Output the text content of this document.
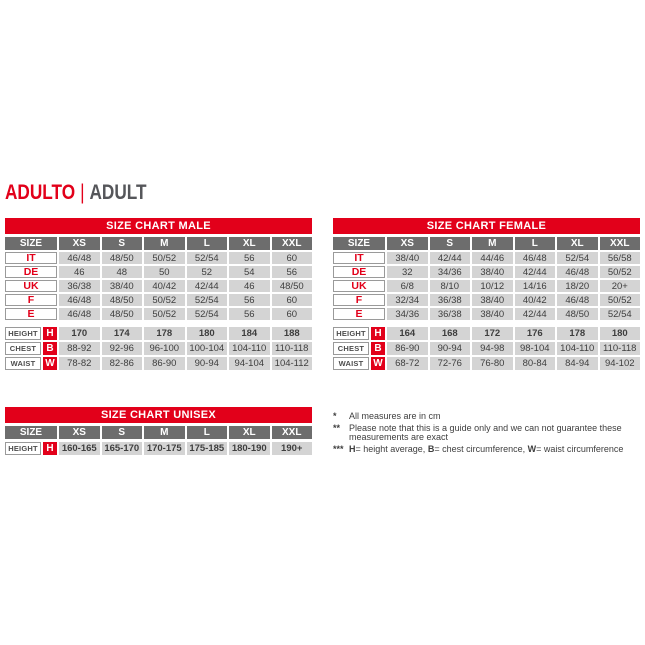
ADULTO | ADULT
SIZE CHART MALE
SIZE	XS	S	M	L	XL	XXL
IT	46/48	48/50	50/52	52/54	56	60
DE	46	48	50	52	54	56
UK	36/38	38/40	40/42	42/44	46	48/50
F	46/48	48/50	50/52	52/54	56	60
E	46/48	48/50	50/52	52/54	56	60
HEIGHT H	170	174	178	180	184	188
CHEST	B	88-92	92-96	96-100	100-104 104-110 110-118
WAIST W	78-82	82-86	86-90	90-94	94-104	104-112
SIZE CHART FEMALE
SIZE	XS	S	M	L	XL	XXL
IT	38/40	42/44	44/46	46/48	52/54	56/58
DE	32	34/36	38/40	42/44	46/48	50/52
UK	6/8	8/10	10/12	14/16	18/20	20+
F	32/34	36/38	38/40	40/42	46/48	50/52
E	34/36	36/38	38/40	42/44	48/50	52/54
HEIGHT H	164	168	172	176	178	180
CHEST	B	86-90	90-94	94-98	98-104	104-110 110-118
WAIST W	68-72	72-76	76-80	80-84	84-94	94-102
SIZE CHART UNISEX
SIZE	XS	S	M	L	XL	XXL
HEIGHT H 160-165 165-170 170-175 175-185 180-190	190+
*	All measures are in cm
** Please note that this is a guide only and we can not guarantee these measurements are exact
*** H= height average, B= chest circumference, W= waist circumference
